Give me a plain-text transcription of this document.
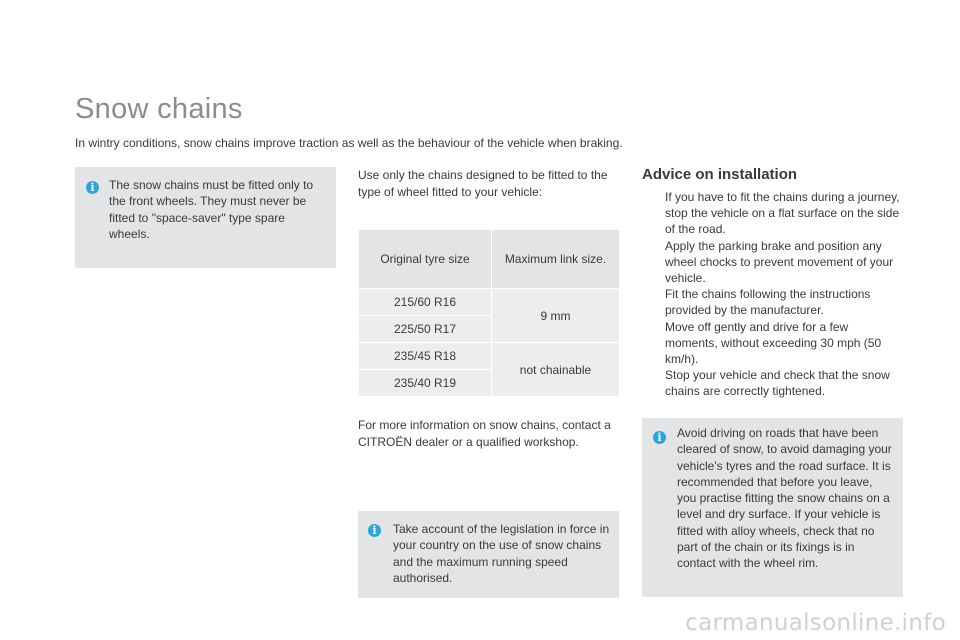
Snow chains

In wintry conditions, snow chains improve traction as well as the behaviour of the vehicle when braking.

The snow chains must be fitted only to the front wheels. They must never be fitted to "space-saver" type spare wheels.

i

Use only the chains designed to be fitted to the type of wheel fitted to your vehicle:

Original tyre size	Maximum link size.
215/60 R16	9 mm
225/50 R17	
235/45 R18	not chainable
235/40 R19	

For more information on snow chains, contact a CITROËN dealer or a qualified workshop.

Take account of the legislation in force in your country on the use of snow chains and the maximum running speed authorised.

i
Advice on installation
If you have to fit the chains during a journey, stop the vehicle on a flat surface on the side of the road.
Apply the parking brake and position any wheel chocks to prevent movement of your vehicle.
Fit the chains following the instructions provided by the manufacturer.
Move off gently and drive for a few moments, without exceeding 30 mph (50 km/h).
Stop your vehicle and check that the snow chains are correctly tightened.

Avoid driving on roads that have been cleared of snow, to avoid damaging your vehicle's tyres and the road surface. It is recommended that before you leave, you practise fitting the snow chains on a level and dry surface. If your vehicle is fitted with alloy wheels, check that no part of the chain or its fixings is in contact with the wheel rim.

i

carmanualsonline.info
